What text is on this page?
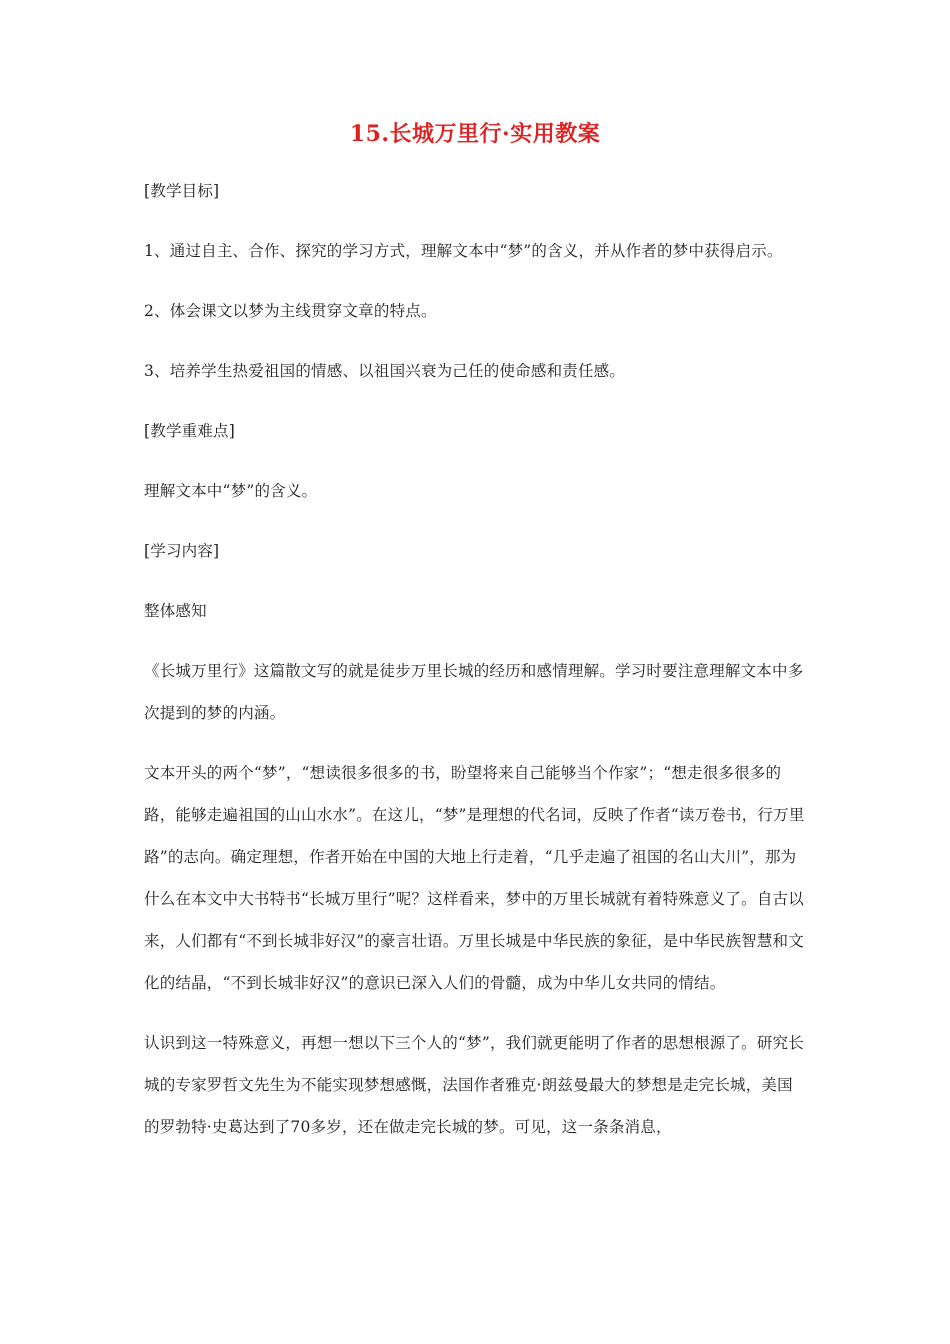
15.长城万里行·实用教案

[教学目标]

1、通过自主、合作、探究的学习方式，理解文本中“梦”的含义，并从作者的梦中获得启示。

2、体会课文以梦为主线贯穿文章的特点。

3、培养学生热爱祖国的情感、以祖国兴衰为己任的使命感和责任感。

[教学重难点]

理解文本中“梦”的含义。

[学习内容]

整体感知

《长城万里行》这篇散文写的就是徒步万里长城的经历和感情理解。学习时要注意理解文本中多次提到的梦的内涵。

文本开头的两个“梦”，“想读很多很多的书，盼望将来自己能够当个作家”；“想走很多很多的路，能够走遍祖国的山山水水”。在这儿，“梦”是理想的代名词，反映了作者“读万卷书，行万里路”的志向。确定理想，作者开始在中国的大地上行走着，“几乎走遍了祖国的名山大川”，那为什么在本文中大书特书“长城万里行”呢？这样看来，梦中的万里长城就有着特殊意义了。自古以来，人们都有“不到长城非好汉”的豪言壮语。万里长城是中华民族的象征，是中华民族智慧和文化的结晶，“不到长城非好汉”的意识已深入人们的骨髓，成为中华儿女共同的情结。

认识到这一特殊意义，再想一想以下三个人的“梦”，我们就更能明了作者的思想根源了。研究长城的专家罗哲文先生为不能实现梦想感慨，法国作者雅克·朗兹曼最大的梦想是走完长城，美国的罗勃特·史葛达到了70多岁，还在做走完长城的梦。可见，这一条条消息，
